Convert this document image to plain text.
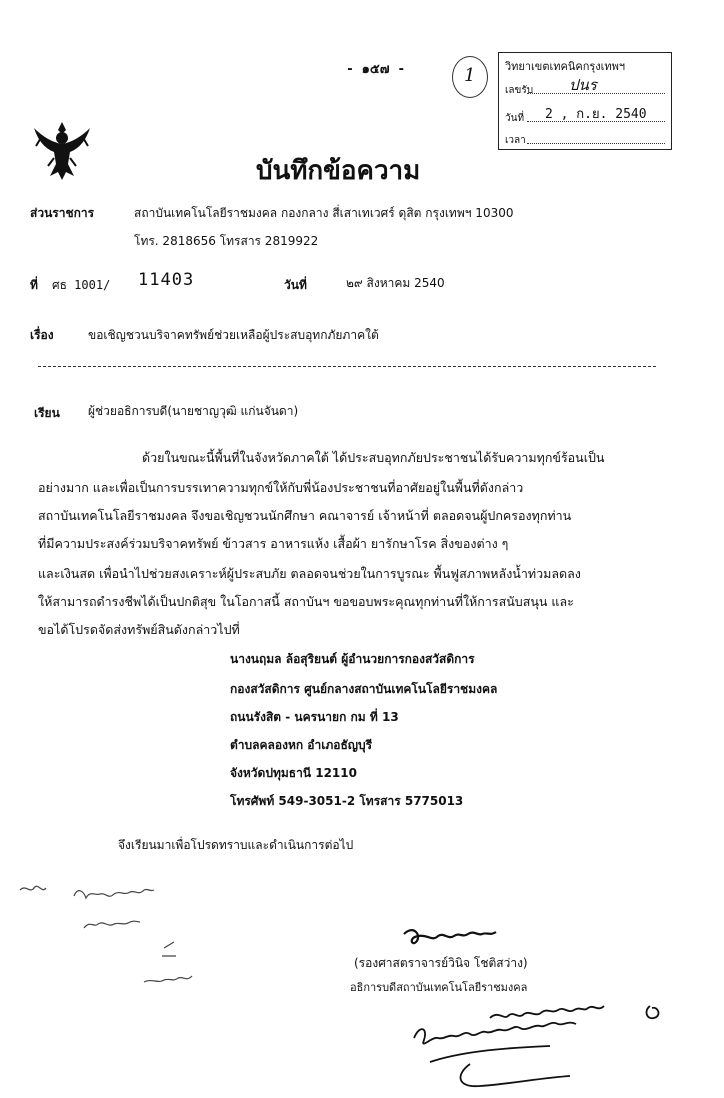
- ๑๕๗ -	1	วิทยาเขตเทคนิคกรุงเทพฯ
เลขรับ ปนร
วันที่ 2 , ก.ย. 2540
เวลา
บันทึกข้อความ
ส่วนราชการ	สถาบันเทคโนโลยีราชมงคล กองกลาง สี่เสาเทเวศร์ ดุสิต กรุงเทพฯ 10300
โทร. 2818656 โทรสาร 2819922
ที่ ศธ 1001/ 11403	วันที่	๒๙ สิงหาคม 2540
เรื่อง	ขอเชิญชวนบริจาคทรัพย์ช่วยเหลือผู้ประสบอุทกภัยภาคใต้
เรียน ผู้ช่วยอธิการบดี(นายชาญวุฒิ แก่นจันดา)
ด้วยในขณะนี้พื้นที่ในจังหวัดภาคใต้ ได้ประสบอุทกภัยประชาชนได้รับความทุกข์ร้อนเป็น
อย่างมาก และเพื่อเป็นการบรรเทาความทุกข์ให้กับพี่น้องประชาชนที่อาศัยอยู่ในพื้นที่ดังกล่าว
สถาบันเทคโนโลยีราชมงคล จึงขอเชิญชวนนักศึกษา คณาจารย์ เจ้าหน้าที่ ตลอดจนผู้ปกครองทุกท่าน
ที่มีความประสงค์ร่วมบริจาคทรัพย์ ข้าวสาร อาหารแห้ง เสื้อผ้า ยารักษาโรค สิ่งของต่าง ๆ
และเงินสด เพื่อนำไปช่วยสงเคราะห์ผู้ประสบภัย ตลอดจนช่วยในการบูรณะ พื้นฟูสภาพหลังน้ำท่วมลดลง
ให้สามารถดำรงชีพได้เป็นปกติสุข ในโอกาสนี้ สถาบันฯ ขอขอบพระคุณทุกท่านที่ให้การสนับสนุน และ
ขอได้โปรดจัดส่งทรัพย์สินดังกล่าวไปที่
นางนฤมล ล้อสุริยนต์ ผู้อำนวยการกองสวัสดิการ
กองสวัสดิการ ศูนย์กลางสถาบันเทคโนโลยีราชมงคล
ถนนรังสิต - นครนายก กม ที่ 13
ตำบลคลองหก อำเภอธัญบุรี
จังหวัดปทุมธานี 12110
โทรศัพท์ 549-3051-2 โทรสาร 5775013
จึงเรียนมาเพื่อโปรดทราบและดำเนินการต่อไป
(รองศาสตราจารย์วินิจ โชติสว่าง)
อธิการบดีสถาบันเทคโนโลยีราชมงคล
